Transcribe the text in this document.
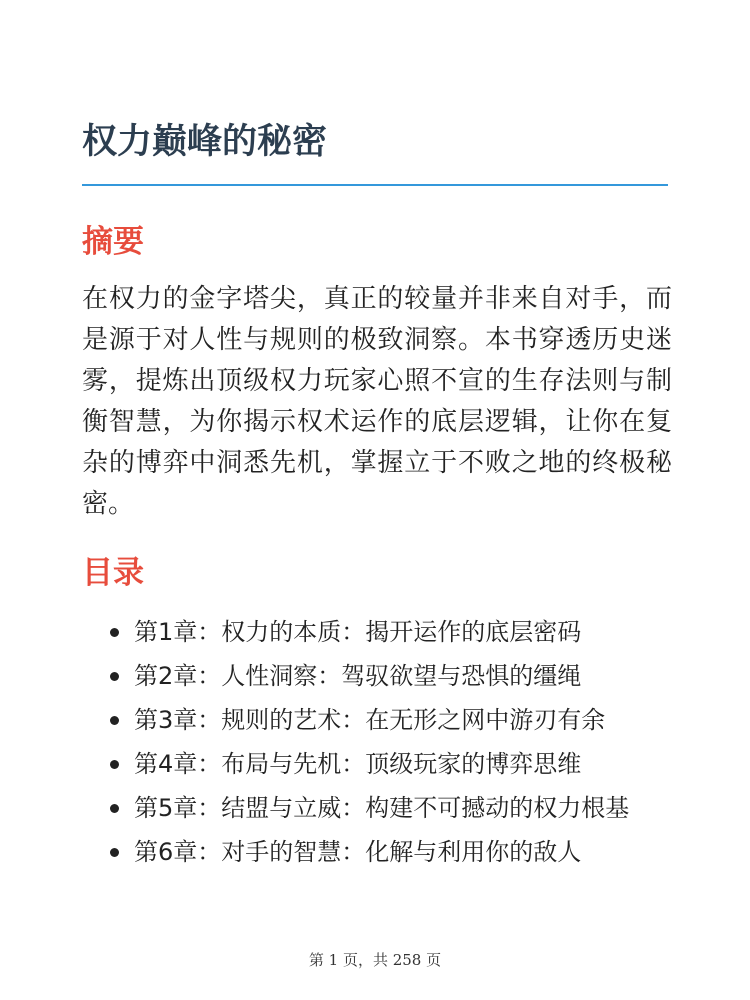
权力巅峰的秘密
摘要

在权力的金字塔尖，真正的较量并非来自对手，而是源于对人性与规则的极致洞察。本书穿透历史迷雾，提炼出顶级权力玩家心照不宣的生存法则与制衡智慧，为你揭示权术运作的底层逻辑，让你在复杂的博弈中洞悉先机，掌握立于不败之地的终极秘密。

目录
第1章：权力的本质：揭开运作的底层密码
第2章：人性洞察：驾驭欲望与恐惧的缰绳
第3章：规则的艺术：在无形之网中游刃有余
第4章：布局与先机：顶级玩家的博弈思维
第5章：结盟与立威：构建不可撼动的权力根基
第6章：对手的智慧：化解与利用你的敌人
第 1 页，共 258 页
